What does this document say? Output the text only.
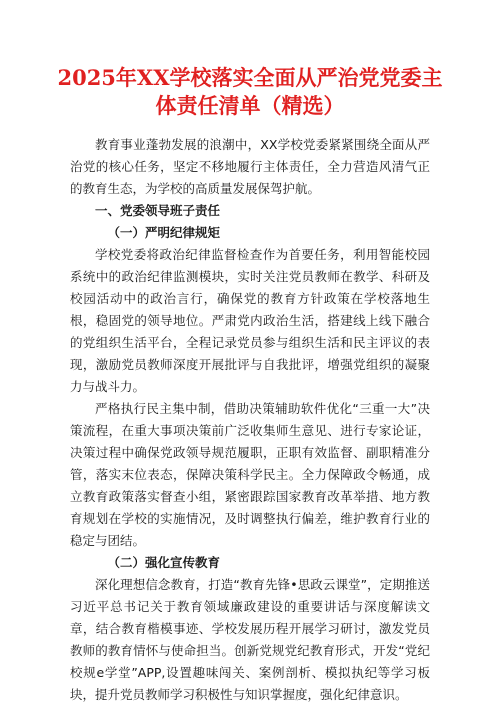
2025年XX学校落实全面从严治党党委主体责任清单（精选）

教育事业蓬勃发展的浪潮中，XX学校党委紧紧围绕全面从严治党的核心任务，坚定不移地履行主体责任，全力营造风清气正的教育生态，为学校的高质量发展保驾护航。

一、党委领导班子责任

（一）严明纪律规矩

学校党委将政治纪律监督检查作为首要任务，利用智能校园系统中的政治纪律监测模块，实时关注党员教师在教学、科研及校园活动中的政治言行，确保党的教育方针政策在学校落地生根，稳固党的领导地位。严肃党内政治生活，搭建线上线下融合的党组织生活平台，全程记录党员参与组织生活和民主评议的表现，激励党员教师深度开展批评与自我批评，增强党组织的凝聚力与战斗力。

严格执行民主集中制，借助决策辅助软件优化“三重一大”决策流程，在重大事项决策前广泛收集师生意见、进行专家论证，决策过程中确保党政领导规范履职，正职有效监督、副职精准分管，落实末位表态，保障决策科学民主。全力保障政令畅通，成立教育政策落实督查小组，紧密跟踪国家教育改革举措、地方教育规划在学校的实施情况，及时调整执行偏差，维护教育行业的稳定与团结。

（二）强化宣传教育

深化理想信念教育，打造“教育先锋•思政云课堂”，定期推送习近平总书记关于教育领域廉政建设的重要讲话与深度解读文章，结合教育楷模事迹、学校发展历程开展学习研讨，激发党员教师的教育情怀与使命担当。创新党规党纪教育形式，开发“党纪校规e学堂”APP,设置趣味闯关、案例剖析、模拟执纪等学习板块，提升党员教师学习积极性与知识掌握度，强化纪律意识。
